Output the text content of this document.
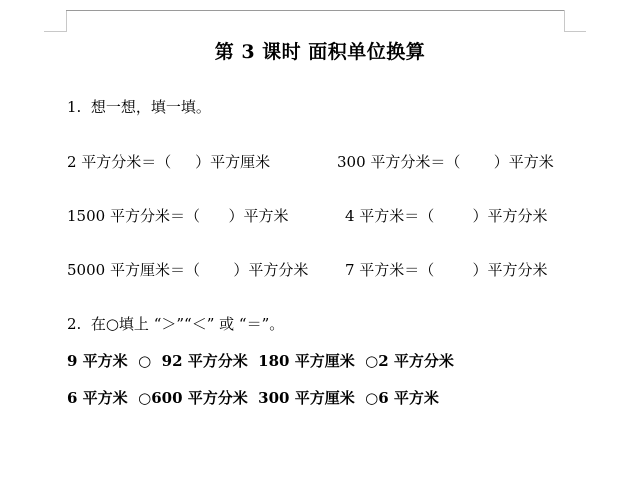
第 3 课时 面积单位换算
1.  想一想，填一填。
2 平方分米＝（     ）平方厘米	300 平方分米＝（       ）平方米
1500 平方分米＝（      ）平方米	4 平方米＝（        ）平方分米
5000 平方厘米＝（       ）平方分米 7 平方米＝（        ）平方分米
2.  在○填上 “＞”“＜” 或 “＝”。
9 平方米  ○  92 平方分米  180 平方厘米  ○2 平方分米
6 平方米  ○600 平方分米  300 平方厘米  ○6 平方米
